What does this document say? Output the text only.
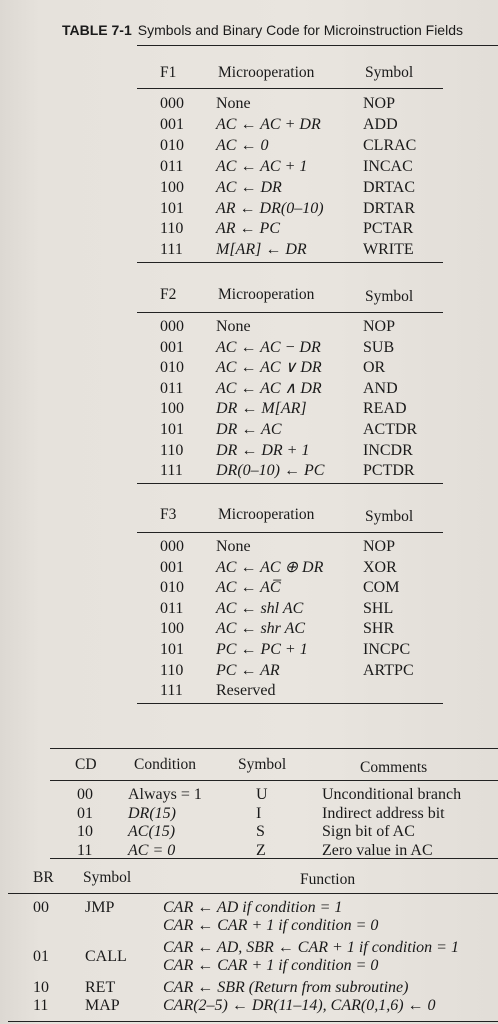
TABLE 7-1 Symbols and Binary Code for Microinstruction Fields
F1	Microoperation	Symbol
000 None	NOP
001 AC ← AC + DR	ADD
010 AC ← 0	CLRAC
011 AC ← AC + 1	INCAC
100 AC ← DR	DRTAC
101 AR ← DR(0–10) DRTAR
110 AR ← PC	PCTAR
111 M[AR] ← DR	WRITE
F2	Microoperation	Symbol
000 None	NOP
001 AC ← AC − DR	SUB
010 AC ← AC ∨ DR	OR
011 AC ← AC ∧ DR	AND
100 DR ← M[AR]	READ
101 DR ← AC	ACTDR
110 DR ← DR + 1	INCDR
111 DR(0–10) ← PC PCTDR
F3	Microoperation	Symbol
000 None	NOP
001 AC ← AC ⊕ DR XOR
010 AC ← AC̅	COM
011 AC ← shl AC	SHL
100 AC ← shr AC	SHR
101 PC ← PC + 1	INCPC
110 PC ← AR	ARTPC
111 Reserved
CD Condition	Symbol	Comments
00 Always = 1	U	Unconditional branch
01 DR(15)	I	Indirect address bit
10 AC(15)	S	Sign bit of AC
11 AC = 0	Z	Zero value in AC
BR Symbol	Function
00 JMP	CAR ← AD if condition = 1
CAR ← CAR + 1 if condition = 0
01 CALL
CAR ← AD, SBR ← CAR + 1 if condition = 1
CAR ← CAR + 1 if condition = 0
10 RET	CAR ← SBR (Return from subroutine)
11 MAP	CAR(2–5) ← DR(11–14), CAR(0,1,6) ← 0
